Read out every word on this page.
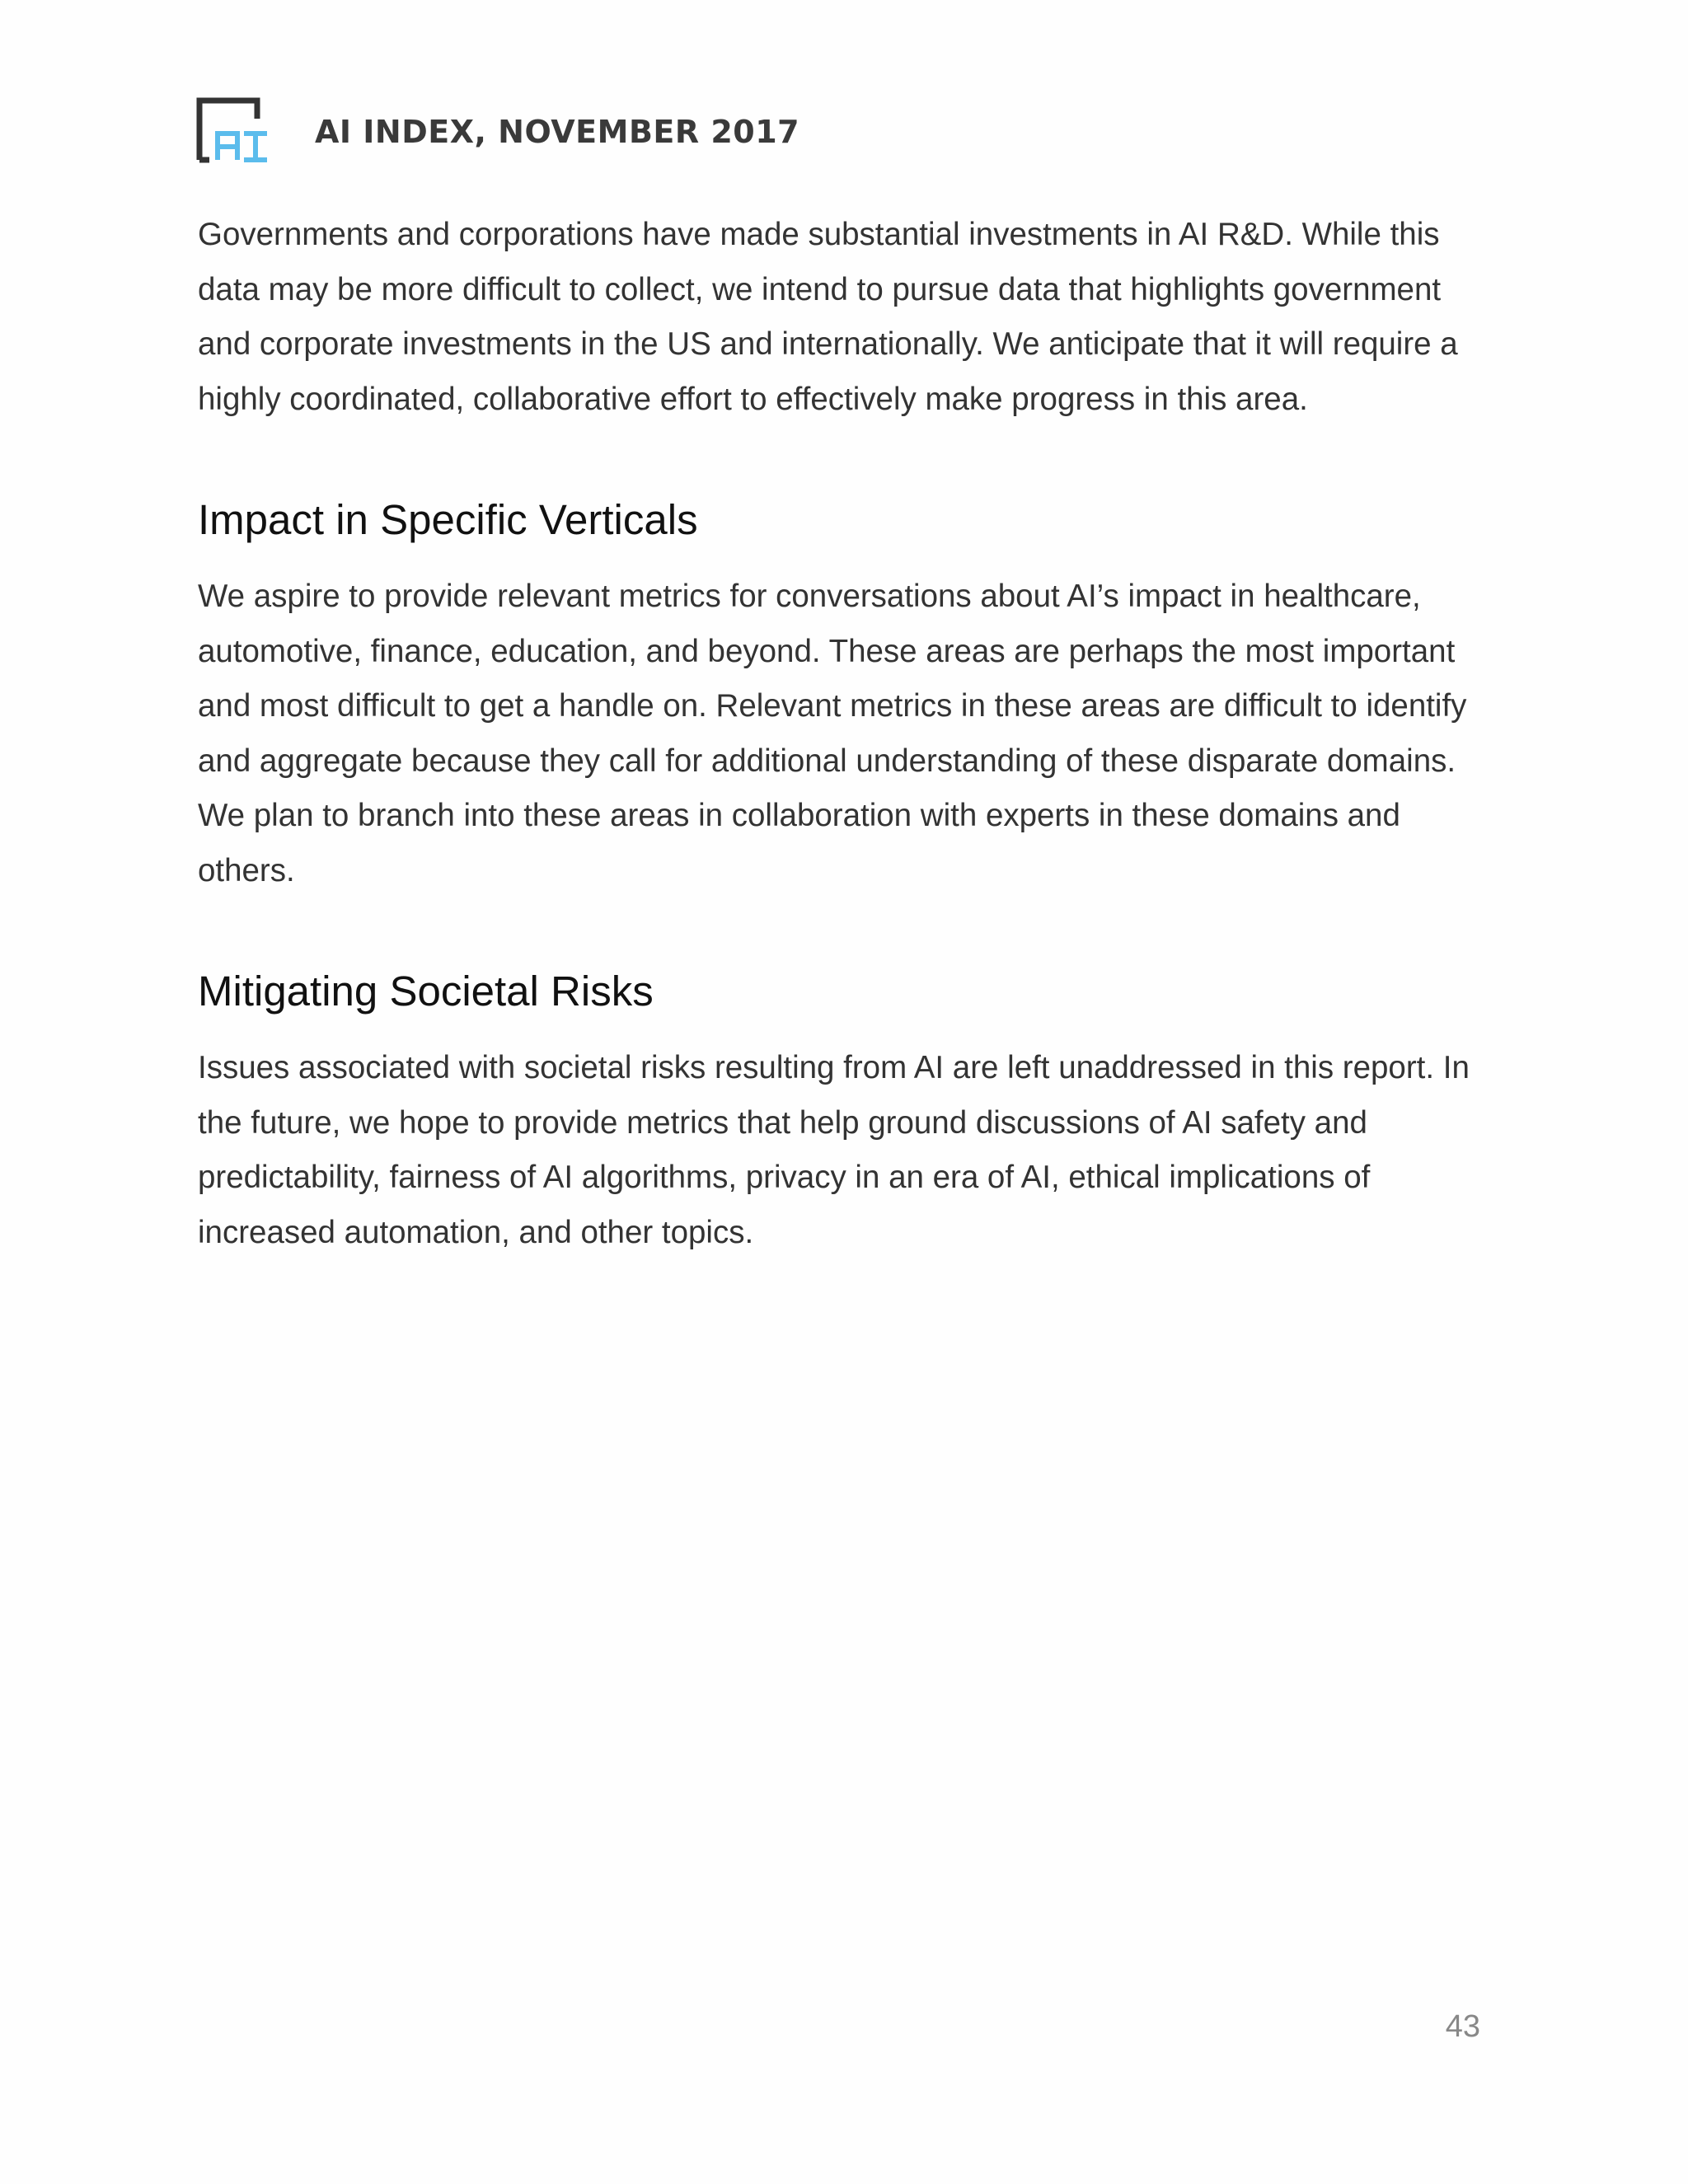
AI INDEX, NOVEMBER 2017

Governments and corporations have made substantial investments in AI R&D. While this data may be more difficult to collect, we intend to pursue data that highlights government and corporate investments in the US and internationally. We anticipate that it will require a highly coordinated, collaborative effort to effectively make progress in this area.

Impact in Specific Verticals

We aspire to provide relevant metrics for conversations about AI’s impact in healthcare, automotive, finance, education, and beyond. These areas are perhaps the most important and most difficult to get a handle on. Relevant metrics in these areas are difficult to identify and aggregate because they call for additional understanding of these disparate domains. We plan to branch into these areas in collaboration with experts in these domains and others.

Mitigating Societal Risks

Issues associated with societal risks resulting from AI are left unaddressed in this report. In the future, we hope to provide metrics that help ground discussions of AI safety and predictability, fairness of AI algorithms, privacy in an era of AI, ethical implications of increased automation, and other topics.

43
